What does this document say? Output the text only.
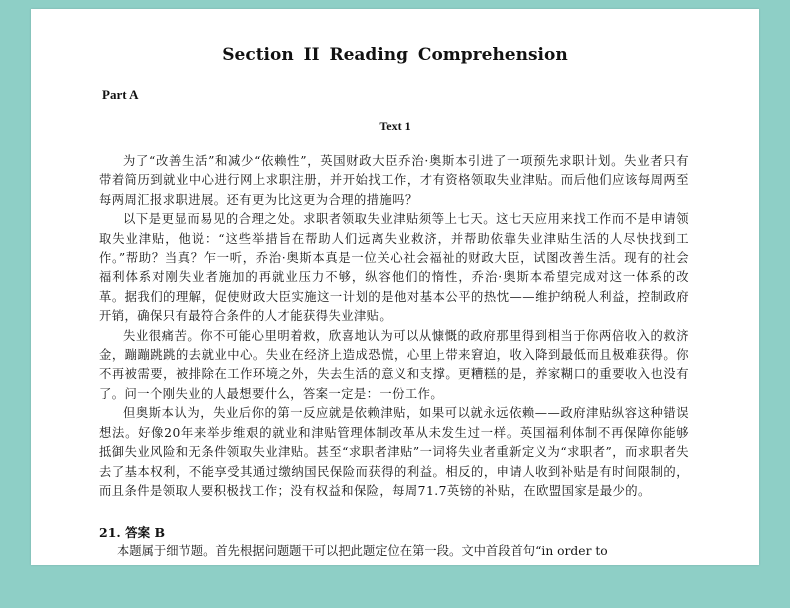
Section II Reading Comprehension
Part A
Text 1

为了“改善生活”和减少“依赖性”，英国财政大臣乔治·奥斯本引进了一项预先求职计划。失业者只有带着简历到就业中心进行网上求职注册，并开始找工作，才有资格领取失业津贴。而后他们应该每周两至每两周汇报求职进展。还有更为比这更为合理的措施吗？

以下是更显而易见的合理之处。求职者领取失业津贴须等上七天。这七天应用来找工作而不是申请领取失业津贴，他说：“这些举措旨在帮助人们远离失业救济，并帮助依靠失业津贴生活的人尽快找到工作。”帮助？当真？乍一听，乔治·奥斯本真是一位关心社会福祉的财政大臣，试图改善生活。现有的社会福利体系对刚失业者施加的再就业压力不够，纵容他们的惰性，乔治·奥斯本希望完成对这一体系的改革。据我们的理解，促使财政大臣实施这一计划的是他对基本公平的热忱——维护纳税人利益，控制政府开销，确保只有最符合条件的人才能获得失业津贴。

失业很痛苦。你不可能心里明着救，欣喜地认为可以从慷慨的政府那里得到相当于你两倍收入的救济金，蹦蹦跳跳的去就业中心。失业在经济上造成恐慌，心里上带来窘迫，收入降到最低而且极难获得。你不再被需要，被排除在工作环境之外，失去生活的意义和支撑。更糟糕的是，养家糊口的重要收入也没有了。问一个刚失业的人最想要什么，答案一定是：一份工作。

但奥斯本认为，失业后你的第一反应就是依赖津贴，如果可以就永远依赖——政府津贴纵容这种错误想法。好像20年来举步维艰的就业和津贴管理体制改革从未发生过一样。英国福利体制不再保障你能够抵御失业风险和无条件领取失业津贴。甚至“求职者津贴”一词将失业者重新定义为“求职者”，而求职者失去了基本权利，不能享受其通过缴纳国民保险而获得的利益。相反的，申请人收到补贴是有时间限制的，而且条件是领取人要积极找工作；没有权益和保险，每周71.7英镑的补贴，在欧盟国家是最少的。

21. 答案 B
本题属于细节题。首先根据问题题干可以把此题定位在第一段。文中首段首句“in order to
